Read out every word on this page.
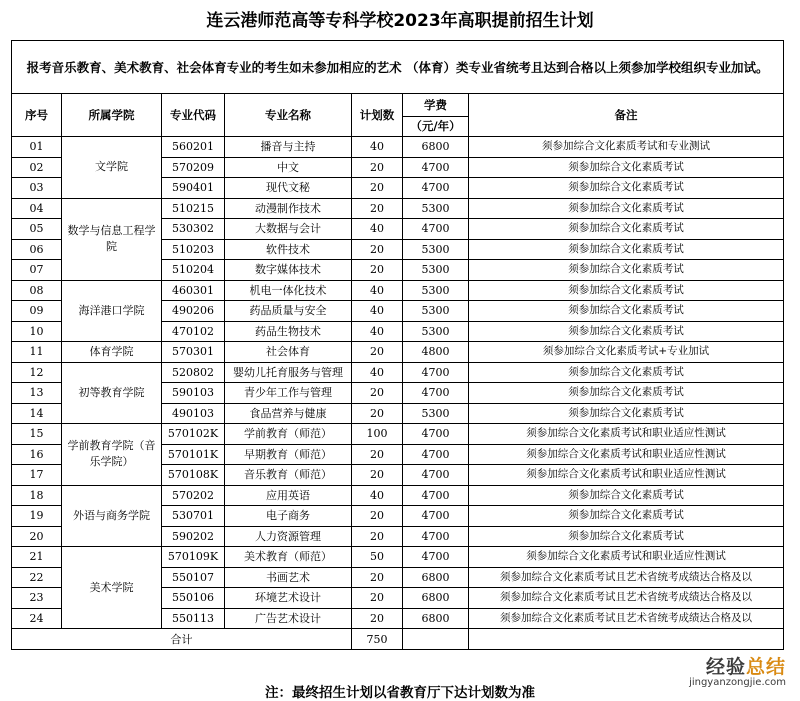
连云港师范高等专科学校2023年高职提前招生计划
报考音乐教育、美术教育、社会体育专业的考生如未参加相应的艺术 （体育）类专业省统考且达到合格以上须参加学校组织专业加试。						
序号	所属学院	专业代码	专业名称	计划数	学费	备注
					（元/年）	
01	文学院	560201	播音与主持	40	6800	须参加综合文化素质考试和专业测试
02		570209	中文	20	4700	须参加综合文化素质考试
03		590401	现代文秘	20	4700	须参加综合文化素质考试
04	数学与信息工程学院	510215	动漫制作技术	20	5300	须参加综合文化素质考试
05		530302	大数据与会计	40	4700	须参加综合文化素质考试
06		510203	软件技术	20	5300	须参加综合文化素质考试
07		510204	数字媒体技术	20	5300	须参加综合文化素质考试
08	海洋港口学院	460301	机电一体化技术	40	5300	须参加综合文化素质考试
09		490206	药品质量与安全	40	5300	须参加综合文化素质考试
10		470102	药品生物技术	40	5300	须参加综合文化素质考试
11	体育学院	570301	社会体育	20	4800	须参加综合文化素质考试+专业加试
12	初等教育学院	520802	婴幼儿托育服务与管理	40	4700	须参加综合文化素质考试
13		590103	青少年工作与管理	20	4700	须参加综合文化素质考试
14		490103	食品营养与健康	20	5300	须参加综合文化素质考试
15	学前教育学院（音乐学院）	570102K	学前教育（师范）	100	4700	须参加综合文化素质考试和职业适应性测试
16		570101K	早期教育（师范）	20	4700	须参加综合文化素质考试和职业适应性测试
17		570108K	音乐教育（师范）	20	4700	须参加综合文化素质考试和职业适应性测试
18	外语与商务学院	570202	应用英语	40	4700	须参加综合文化素质考试
19		530701	电子商务	20	4700	须参加综合文化素质考试
20		590202	人力资源管理	20	4700	须参加综合文化素质考试
21	美术学院	570109K	美术教育（师范）	50	4700	须参加综合文化素质考试和职业适应性测试
22		550107	书画艺术	20	6800	须参加综合文化素质考试且艺术省统考成绩达合格及以
23		550106	环境艺术设计	20	6800	须参加综合文化素质考试且艺术省统考成绩达合格及以
24		550113	广告艺术设计	20	6800	须参加综合文化素质考试且艺术省统考成绩达合格及以
合计				750		
经验总结
jingyanzongjie.com
注：最终招生计划以省教育厅下达计划数为准
